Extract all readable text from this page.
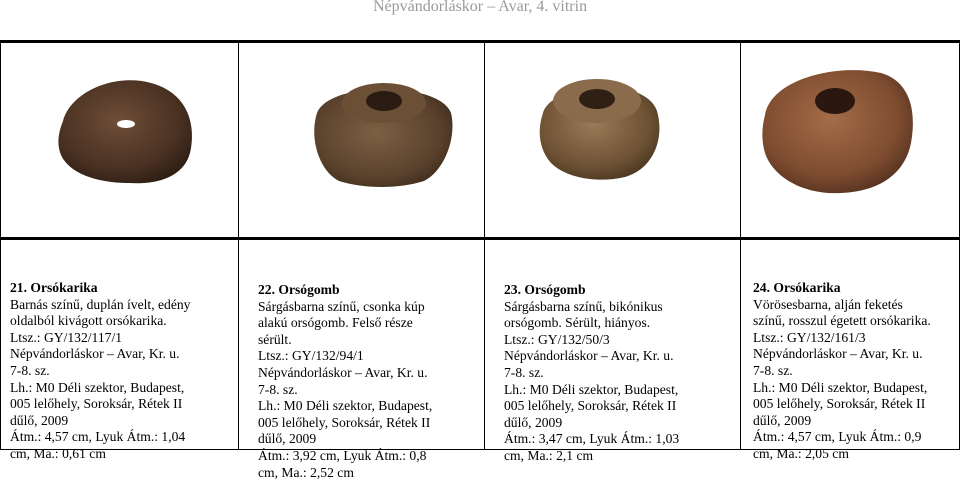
Népvándorláskor – Avar, 4. vitrin
21. Orsókarika
Barnás színű, duplán ívelt, edény
oldalból kivágott orsókarika.
Ltsz.: GY/132/117/1
Népvándorláskor – Avar, Kr. u.
7-8. sz.
Lh.: M0 Déli szektor, Budapest,
005 lelőhely, Soroksár, Rétek II
dűlő, 2009
Átm.: 4,57 cm, Lyuk Átm.: 1,04
cm, Ma.: 0,61 cm
22. Orsógomb
Sárgásbarna színű, csonka kúp
alakú orsógomb. Felső része
sérült.
Ltsz.: GY/132/94/1
Népvándorláskor – Avar, Kr. u.
7-8. sz.
Lh.: M0 Déli szektor, Budapest,
005 lelőhely, Soroksár, Rétek II
dűlő, 2009
Átm.: 3,92 cm, Lyuk Átm.: 0,8
cm, Ma.: 2,52 cm
23. Orsógomb
Sárgásbarna színű, bikónikus
orsógomb. Sérült, hiányos.
Ltsz.: GY/132/50/3
Népvándorláskor – Avar, Kr. u.
7-8. sz.
Lh.: M0 Déli szektor, Budapest,
005 lelőhely, Soroksár, Rétek II
dűlő, 2009
Átm.: 3,47 cm, Lyuk Átm.: 1,03
cm, Ma.: 2,1 cm
24. Orsókarika
Vörösesbarna, alján feketés
színű, rosszul égetett orsókarika.
Ltsz.: GY/132/161/3
Népvándorláskor – Avar, Kr. u.
7-8. sz.
Lh.: M0 Déli szektor, Budapest,
005 lelőhely, Soroksár, Rétek II
dűlő, 2009
Átm.: 4,57 cm, Lyuk Átm.: 0,9
cm, Ma.: 2,05 cm
